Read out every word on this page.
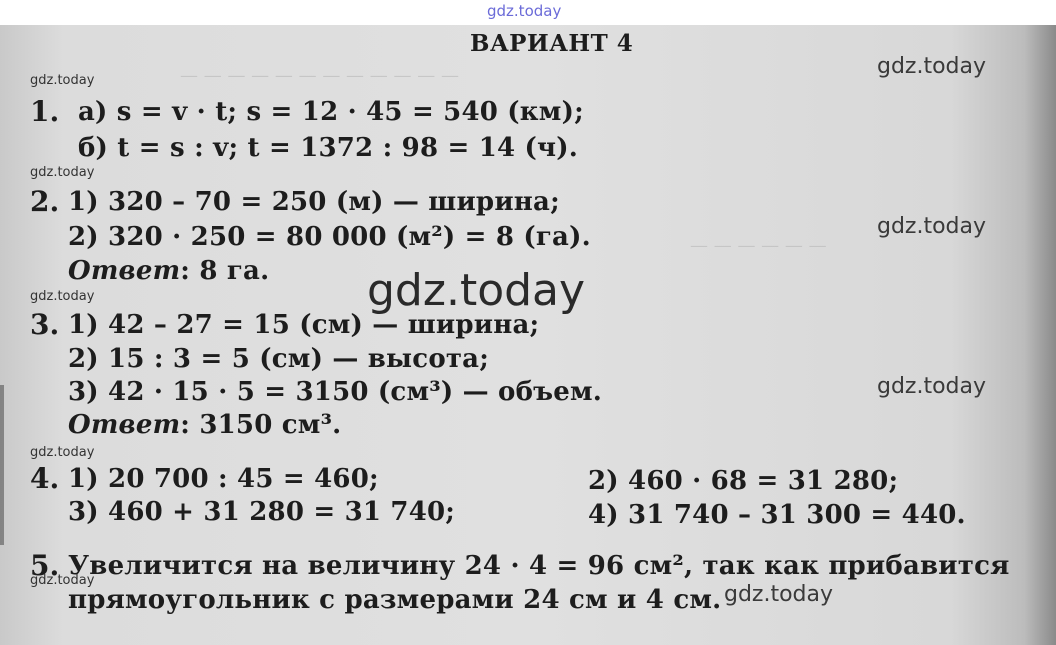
gdz.today
— — — — — — — — — — — —
— — — — — —
ВАРИАНТ 4
1. а) s = v · t; s = 12 · 45 = 540 (км);
б) t = s : v; t = 1372 : 98 = 14 (ч).
2. 1) 320 – 70 = 250 (м) — ширина;
2) 320 · 250 = 80 000 (м²) = 8 (га).
Ответ: 8 га.
3. 1) 42 – 27 = 15 (см) — ширина;
2) 15 : 3 = 5 (см) — высота;
3) 42 · 15 · 5 = 3150 (см³) — объем.
Ответ: 3150 см³.
4. 1) 20 700 : 45 = 460;	2) 460 · 68 = 31 280;
3) 460 + 31 280 = 31 740;	4) 31 740 – 31 300 = 440.
5. Увеличится на величину 24 · 4 = 96 см², так как прибавится
прямоугольник с размерами 24 см и 4 см.
gdz.today
gdz.today
gdz.today
gdz.today
gdz.today
gdz.today
gdz.today
gdz.today
gdz.today
gdz.today
